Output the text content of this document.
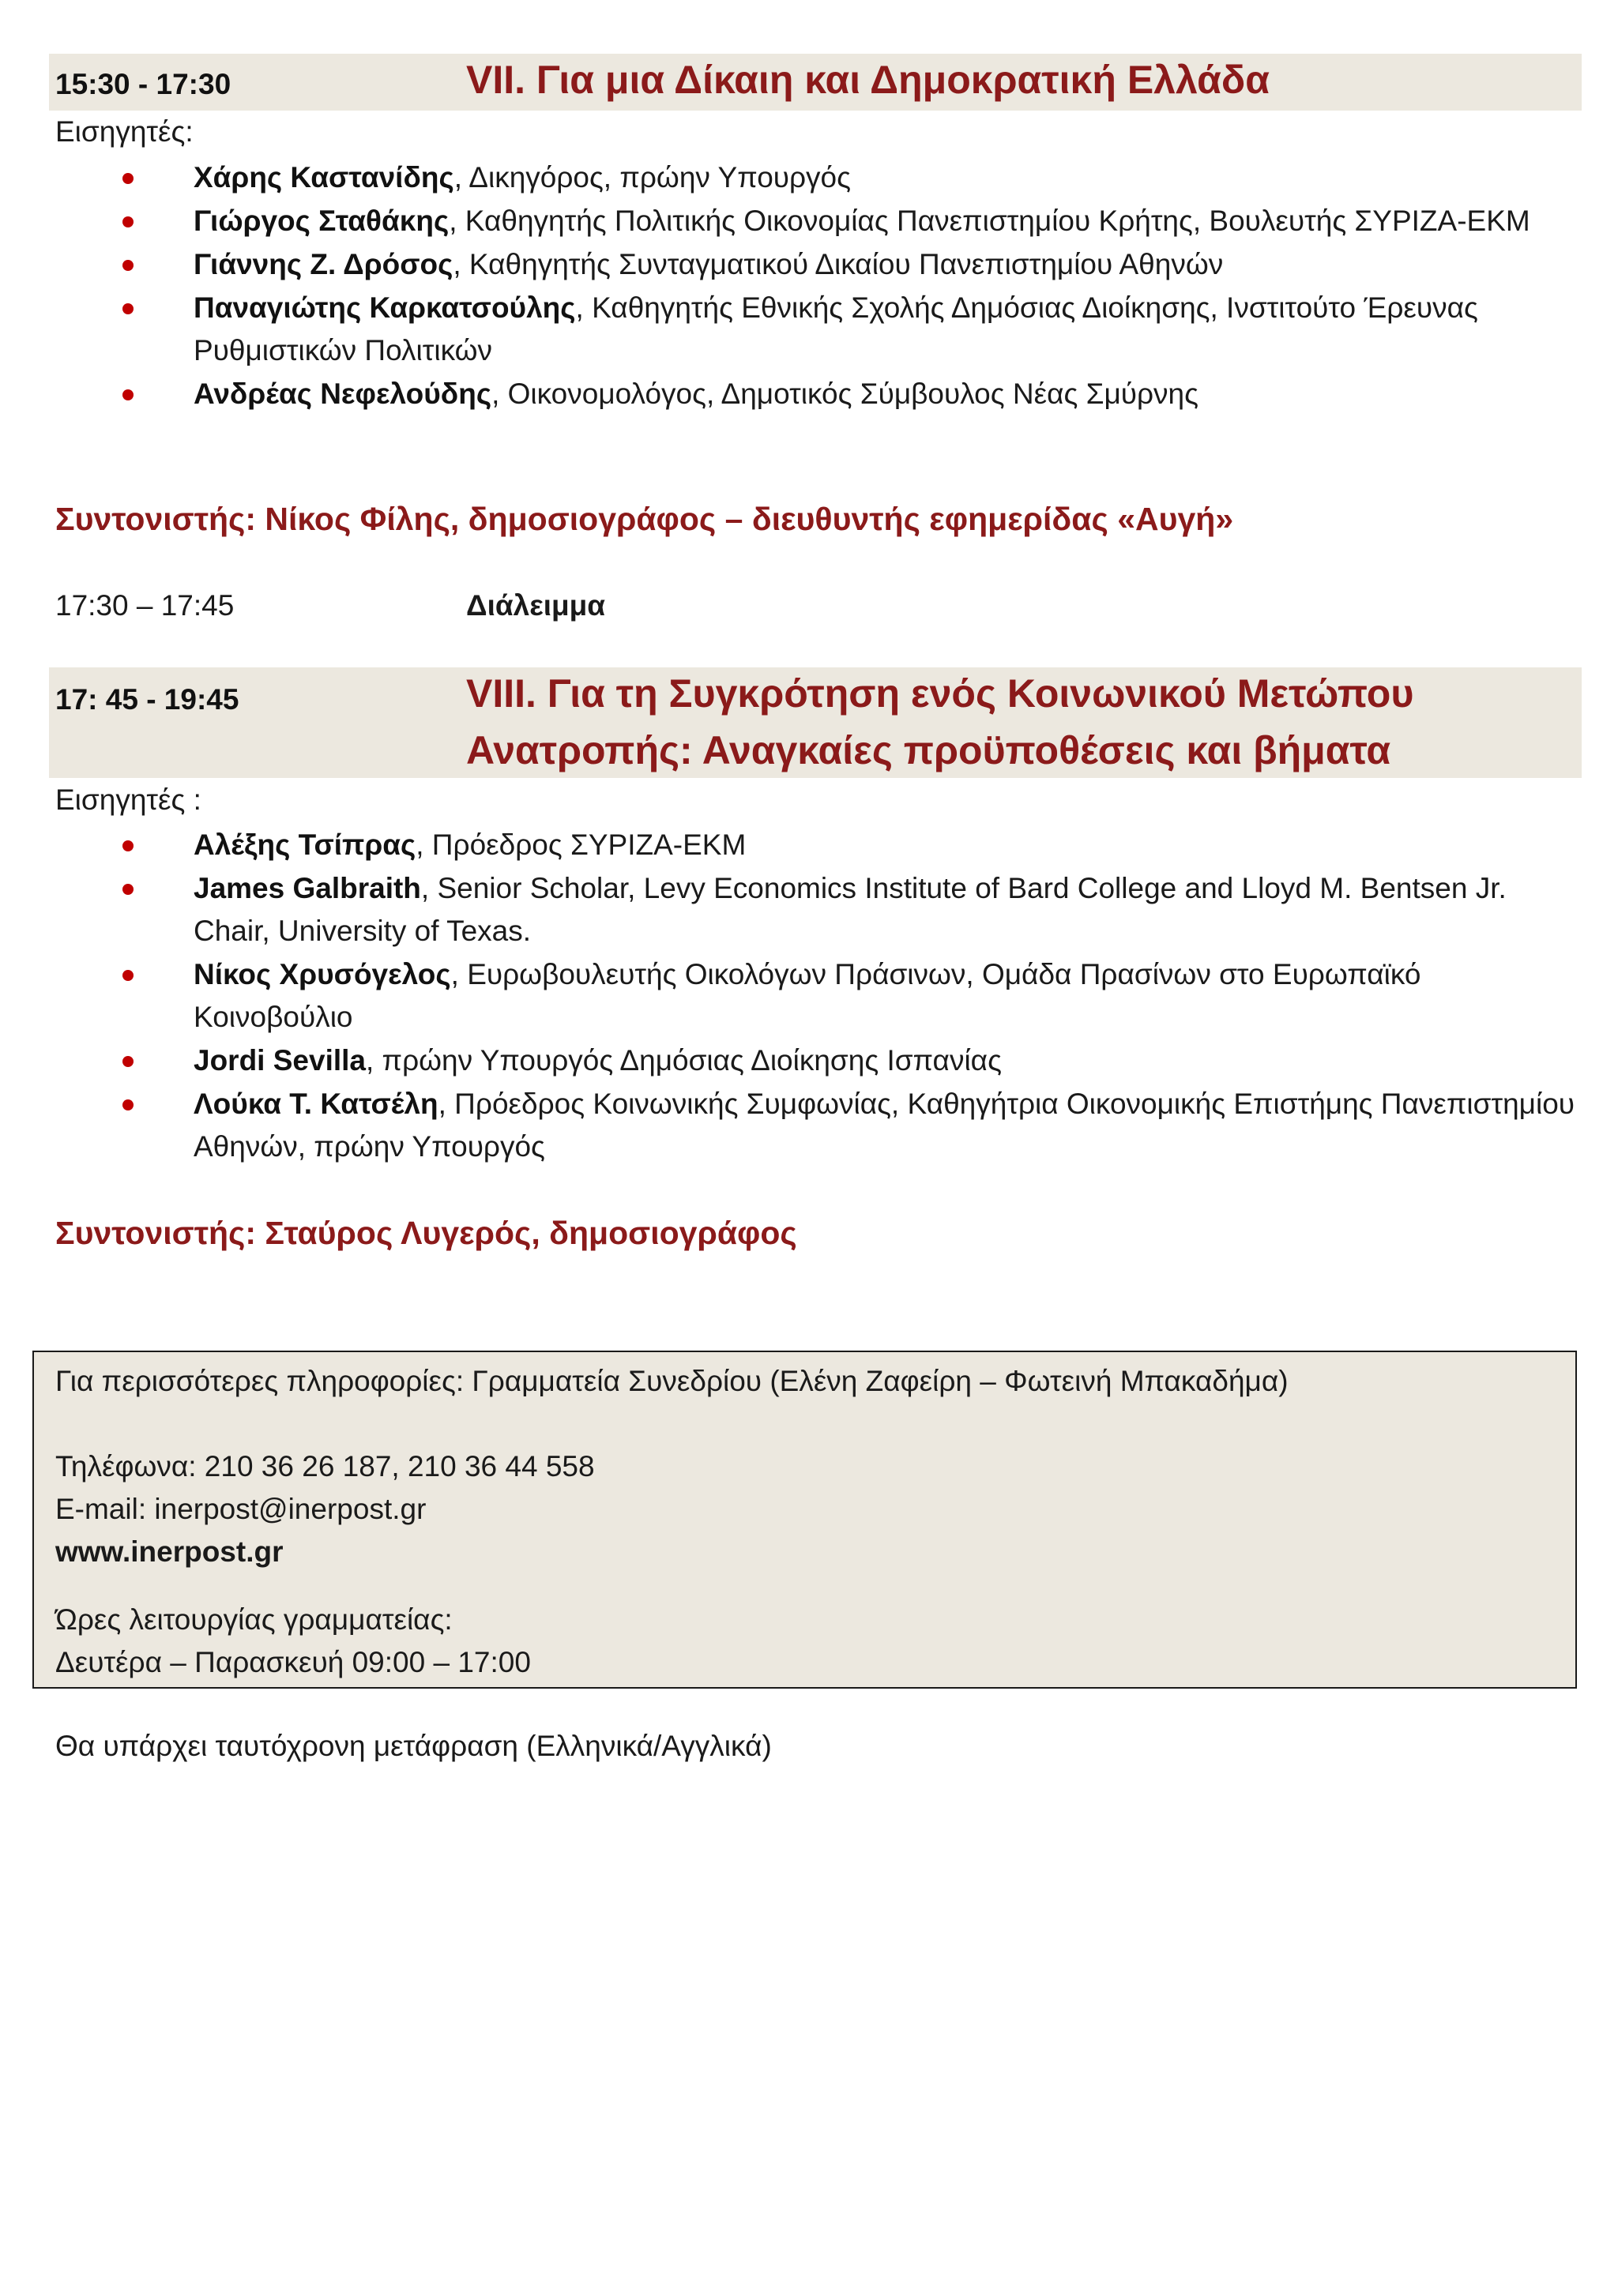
15:30 - 17:30	VII. Για μια Δίκαιη και Δημοκρατική Ελλάδα
Εισηγητές:
Χάρης Καστανίδης, Δικηγόρος, πρώην Υπουργός
Γιώργος Σταθάκης, Καθηγητής Πολιτικής Οικονομίας Πανεπιστημίου Κρήτης, Βουλευτής ΣΥΡΙΖΑ-ΕΚΜ
Γιάννης Ζ. Δρόσος, Καθηγητής Συνταγματικού Δικαίου Πανεπιστημίου Αθηνών
Παναγιώτης Καρκατσούλης, Καθηγητής Εθνικής Σχολής Δημόσιας Διοίκησης, Ινστιτούτο Έρευνας Ρυθμιστικών Πολιτικών
Ανδρέας Νεφελούδης, Οικονομολόγος, Δημοτικός Σύμβουλος Νέας Σμύρνης
Συντονιστής: Νίκος Φίλης, δημοσιογράφος – διευθυντής εφημερίδας «Αυγή»
17:30 – 17:45	Διάλειμμα
17: 45 - 19:45	VIII. Για τη Συγκρότηση ενός Κοινωνικού Μετώπου Ανατροπής: Αναγκαίες προϋποθέσεις και βήματα
Εισηγητές :
Αλέξης Τσίπρας, Πρόεδρος ΣΥΡΙΖΑ-ΕΚΜ
James Galbraith, Senior Scholar, Levy Economics Institute of Bard College and Lloyd M. Bentsen Jr. Chair, University of Texas.
Νίκος Χρυσόγελος, Ευρωβουλευτής Οικολόγων Πράσινων, Ομάδα Πρασίνων στο Ευρωπαϊκό Κοινοβούλιο
Jordi Sevilla, πρώην Υπουργός Δημόσιας Διοίκησης Ισπανίας
Λούκα Τ. Κατσέλη, Πρόεδρος Κοινωνικής Συμφωνίας, Καθηγήτρια Οικονομικής Επιστήμης Πανεπιστημίου Αθηνών, πρώην Υπουργός
Συντονιστής: Σταύρος Λυγερός, δημοσιογράφος
Για περισσότερες πληροφορίες: Γραμματεία Συνεδρίου (Ελένη Ζαφείρη – Φωτεινή Μπακαδήμα)
Τηλέφωνα: 210 36 26 187, 210 36 44 558
E-mail: inerpost@inerpost.gr
www.inerpost.gr
Ώρες λειτουργίας γραμματείας:
Δευτέρα – Παρασκευή 09:00 – 17:00
Θα υπάρχει ταυτόχρονη μετάφραση (Ελληνικά/Αγγλικά)
